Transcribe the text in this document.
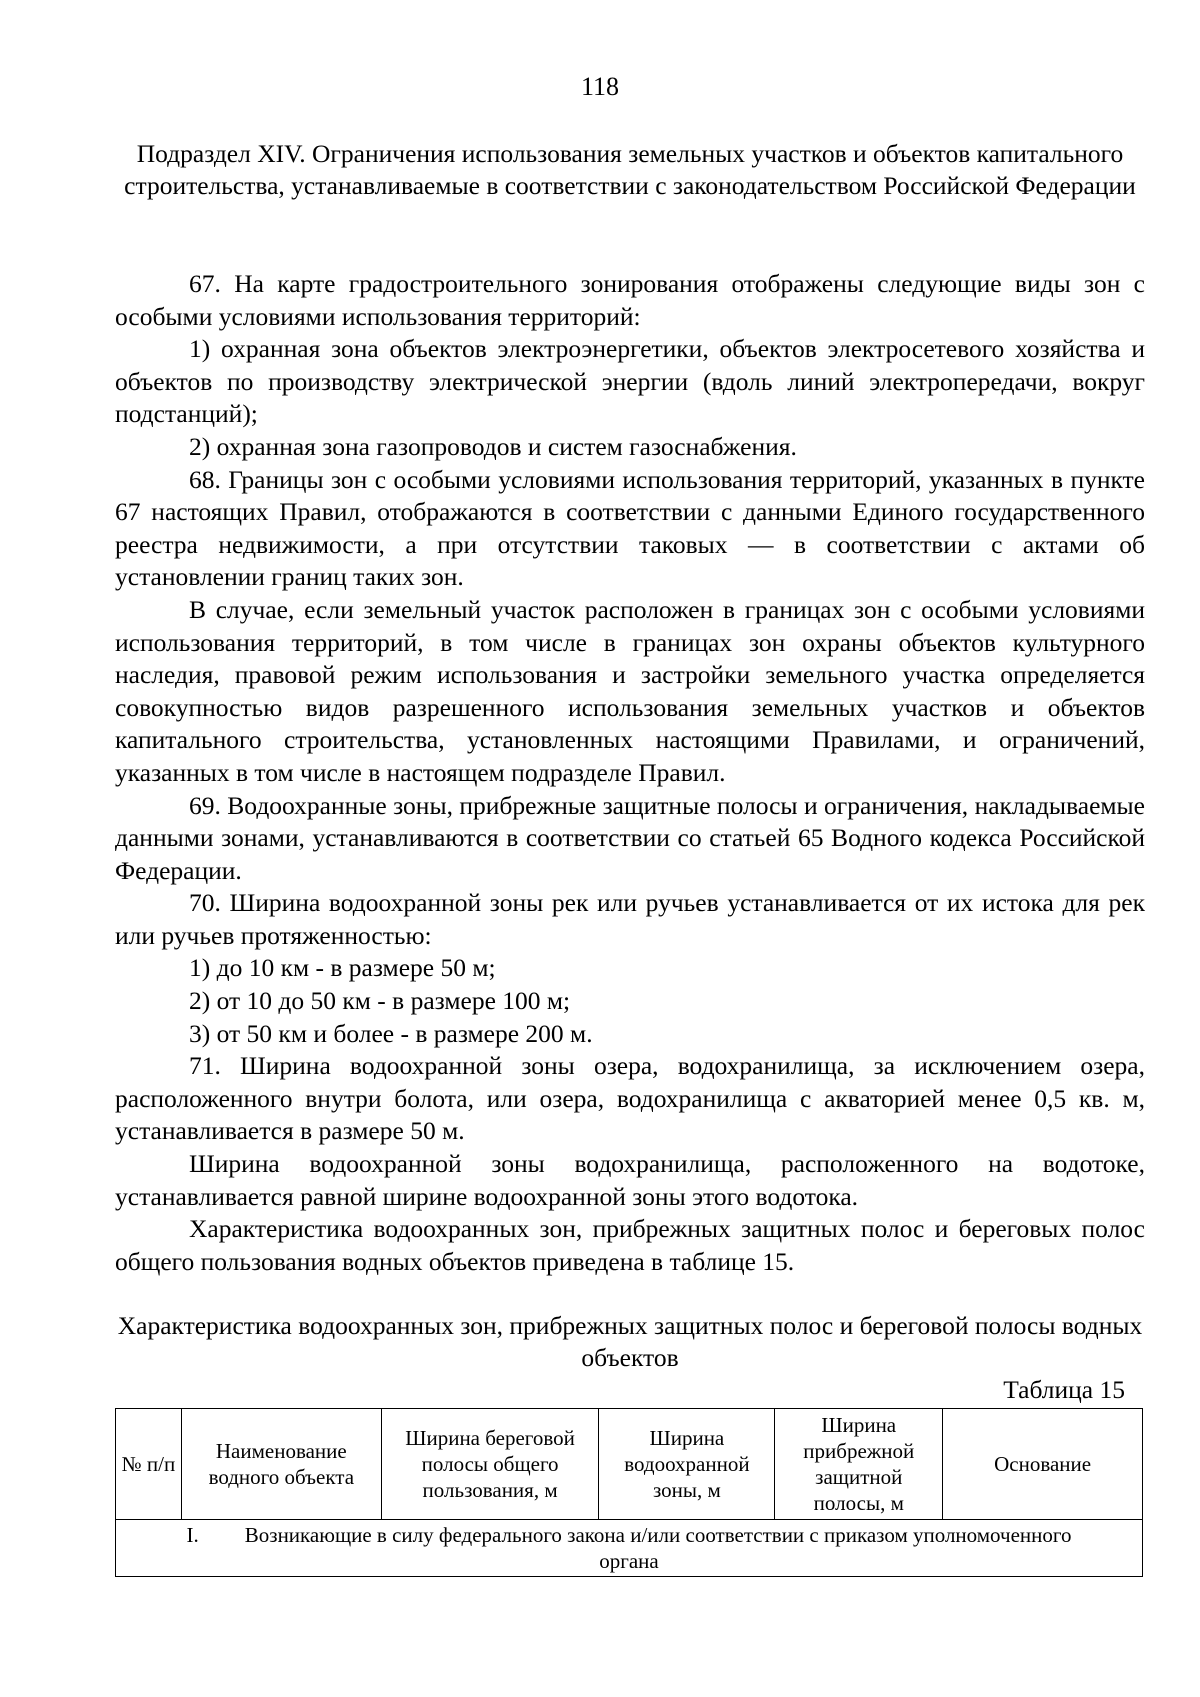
118
Подраздел XIV. Ограничения использования земельных участков и объектов капитального строительства, устанавливаемые в соответствии с законодательством Российской Федерации

67. На карте градостроительного зонирования отображены следующие виды зон с особыми условиями использования территорий:

1) охранная зона объектов электроэнергетики, объектов электросетевого хозяйства и объектов по производству электрической энергии (вдоль линий электропередачи, вокруг подстанций);

2) охранная зона газопроводов и систем газоснабжения.

68. Границы зон с особыми условиями использования территорий, указанных в пункте 67 настоящих Правил, отображаются в соответствии с данными Единого государственного реестра недвижимости, а при отсутствии таковых — в соответствии с актами об установлении границ таких зон.

В случае, если земельный участок расположен в границах зон с особыми условиями использования территорий, в том числе в границах зон охраны объектов культурного наследия, правовой режим использования и застройки земельного участка определяется совокупностью видов разрешенного использования земельных участков и объектов капитального строительства, установленных настоящими Правилами, и ограничений, указанных в том числе в настоящем подразделе Правил.

69. Водоохранные зоны, прибрежные защитные полосы и ограничения, накладываемые данными зонами, устанавливаются в соответствии со статьей 65 Водного кодекса Российской Федерации.

70. Ширина водоохранной зоны рек или ручьев устанавливается от их истока для рек или ручьев протяженностью:

1) до 10 км - в размере 50 м;

2) от 10 до 50 км - в размере 100 м;

3) от 50 км и более - в размере 200 м.

71. Ширина водоохранной зоны озера, водохранилища, за исключением озера, расположенного внутри болота, или озера, водохранилища с акваторией менее 0,5 кв. м, устанавливается в размере 50 м.

Ширина водоохранной зоны водохранилища, расположенного на водотоке, устанавливается равной ширине водоохранной зоны этого водотока.

Характеристика водоохранных зон, прибрежных защитных полос и береговых полос общего пользования водных объектов приведена в таблице 15.

Характеристика водоохранных зон, прибрежных защитных полос и береговой полосы водных объектов
Таблица 15
№ п/п	Наименование водного объекта	Ширина береговой полосы общего пользования, м	Ширина водоохранной зоны, м	Ширина прибрежной защитной полосы, м	Основание
I. Возникающие в силу федерального закона и/или соответствии с приказом уполномоченного органа
